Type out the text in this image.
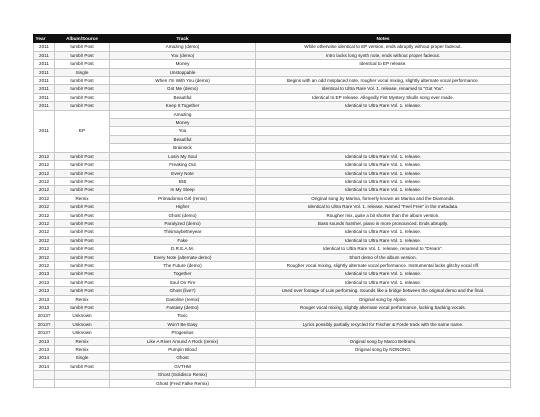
Year	Album/Source	Track	Notes
2011	tumblr Post	Amazing (demo)	While otherwise identical to EP version, ends abruptly without proper fadeout.
2011	tumblr Post	You (demo)	Intro lacks long synth note, ends without proper fadeout.
2011	tumblr Post	Money	Identical to EP release.
2011	Single	Unstoppable	
2011	tumblr Post	When I'm With You (demo)	Begins with an odd misplaced note, rougher vocal mixing, slightly alternate vocal performance.
2011	tumblr Post	Got Me (demo)	Identical to Ultra Rare Vol. 1. release, renamed to "Got You".
2011	tumblr Post	Beautiful	Identical to EP release. Allegedly Fist Mystery Skulls song ever made.
2011	tumblr Post	Keep It Together	Identical to Ultra Rare Vol. 1. release.
2011	EP	Amazing	
		Money	
		You	
		Beautiful	
		Brainsick	
2012	tumblr Post	Losin My Soul	Identical to Ultra Rare Vol. 1. release.
2012	tumblr Post	Freaking Out	Identical to Ultra Rare Vol. 1. release.
2012	tumblr Post	Every Note	Identical to Ultra Rare Vol. 1. release.
2012	tumblr Post	555	Identical to Ultra Rare Vol. 1. release.
2012	tumblr Post	In My Sleep	Identical to Ultra Rare Vol. 1. release.
2012	Remix	Primadonna Girl (remix)	Original song by Marina, formerly known as Marina and the Diamonds.
2012	tumblr Post	Higher	Identical to Ultra Rare Vol. 1. release. Named "Feel Free" in the metadata.
2012	tumblr Post	Ghost (demo)	Rougher mix, quite a bit shorter than the album version.
2012	tumblr Post	Paralyzed (demo)	Bass sounds harsher, piano is more pronounced. Ends abruptly.
2012	tumblr Post	Thismaybetheyear	Identical to Ultra Rare Vol. 1. release.
2012	tumblr Post	Fake	Identical to Ultra Rare Vol. 1. release.
2012	tumblr Post	D.R.E.A.M.	Identical to Ultra Rare Vol. 1. release, renamed to "Dream".
2012	tumblr Post	Every Note (alternate demo)	Short demo of the album version.
2012	tumblr Post	The Future (demo)	Rougher vocal mixing, slightly alternate vocal performance. Instrumental lacks glitchy vocal riff.
2013	tumblr Post	Together	Identical to Ultra Rare Vol. 1. release.
2013	tumblr Post	Soul On Fire	Identical to Ultra Rare Vol. 1. release.
2013	tumblr Post	Ghost (live?)	Used over footage of Luis performing. Sounds like a bridge between the original demo and the final.
2013	Remix	Gasoline (remix)	Original song by Alpine.
2013	tumblr Post	Fantasy (demo)	Rouger vocal mixing, slightly alternate vocal performance, lacking backing vocals.
2013?	Unknown	Toxic	
2013?	Unknown	Won't Be Easy	Lyrics possibly partially recycled for Fischer & Forde track with the same name.
2013?	Unknown	Progenitus	
2013	Remix	Like A River Around A Rock (remix)	Original song by Marco Beltrami.
2013	Remix	Pumpin Blood	Original song by NONONO.
2014	Single	Ghost	
2014	tumblr Post	GVTHM	
		Ghost (Solidisco Remix)	
		Ghost (Fred Falke Remix)	
